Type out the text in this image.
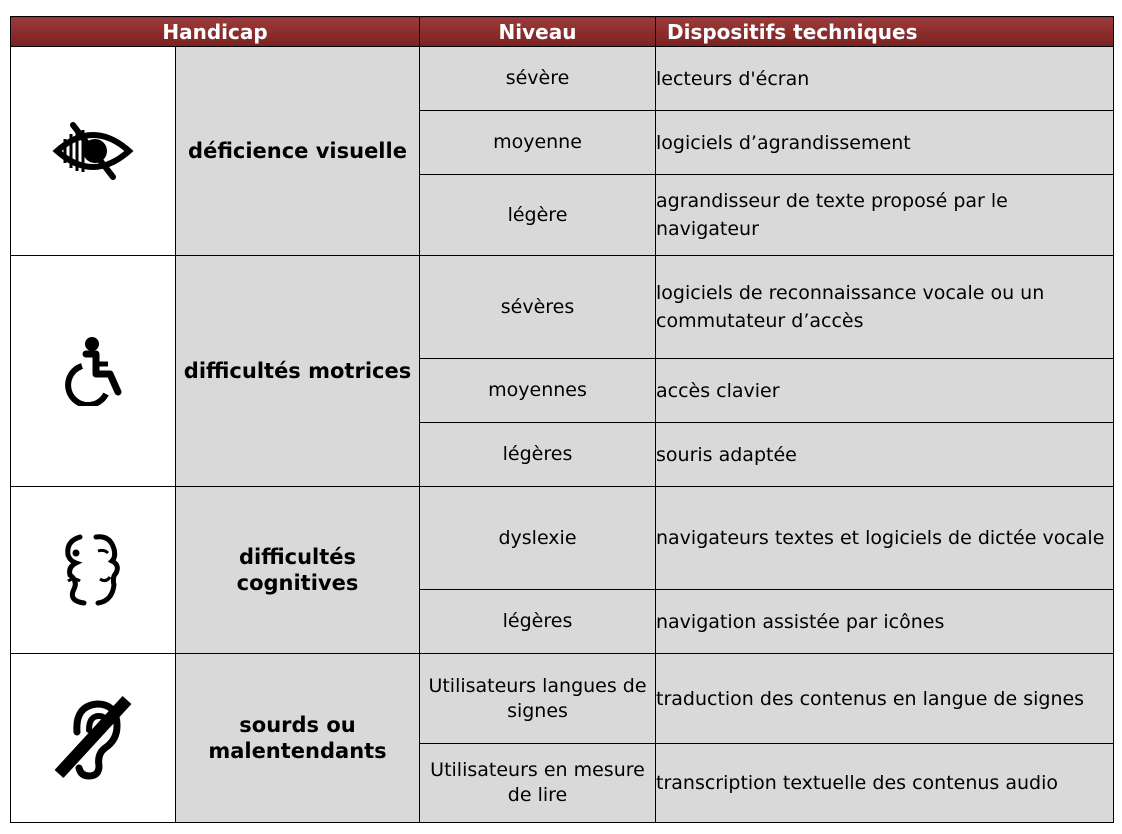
Handicap		Niveau	Dispositifs techniques

	déficience visuelle	sévère	lecteurs d'écran
		moyenne	logiciels d’agrandissement
		légère	agrandisseur de texte proposé par le navigateur

	difficultés motrices	sévères	logiciels de reconnaissance vocale ou un commutateur d’accès
		moyennes	accès clavier
		légères	souris adaptée

	difficultés cognitives	dyslexie	navigateurs textes et logiciels de dictée vocale
		légères	navigation assistée par icônes

	sourds ou malentendants	Utilisateurs langues de signes	traduction des contenus en langue de signes
		Utilisateurs en mesure de lire	transcription textuelle des contenus audio
